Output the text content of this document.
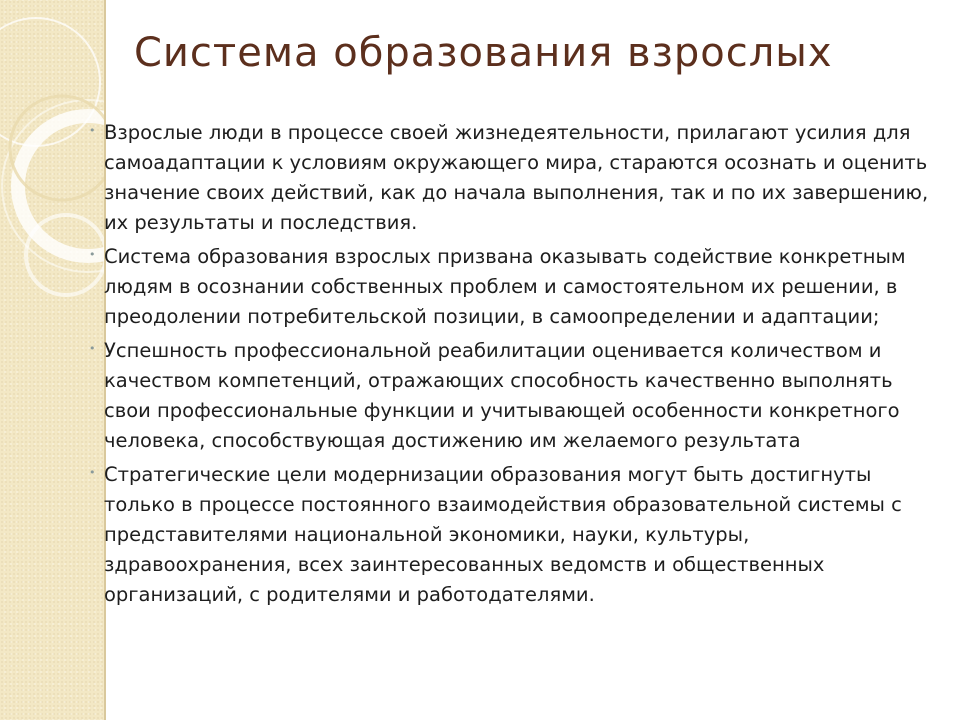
Система образования взрослых
• Взрослые люди в процессе своей жизнедеятельности, прилагают усилия для самоадаптации к условиям окружающего мира, стараются осознать и оценить значение своих действий, как до начала выполнения, так и по их завершению, их результаты и последствия.
• Система образования взрослых призвана оказывать содействие конкретным людям в осознании собственных проблем и самостоятельном их решении, в преодолении потребительской позиции, в самоопределении и адаптации;
• Успешность профессиональной реабилитации оценивается количеством и качеством компетенций, отражающих способность качественно выполнять свои профессиональные функции и учитывающей особенности конкретного человека, способствующая достижению им желаемого результата
• Стратегические цели модернизации образования могут быть достигнуты только в процессе постоянного взаимодействия образовательной системы с представителями национальной экономики, науки, культуры, здравоохранения, всех заинтересованных ведомств и общественных организаций, с родителями и работодателями.
